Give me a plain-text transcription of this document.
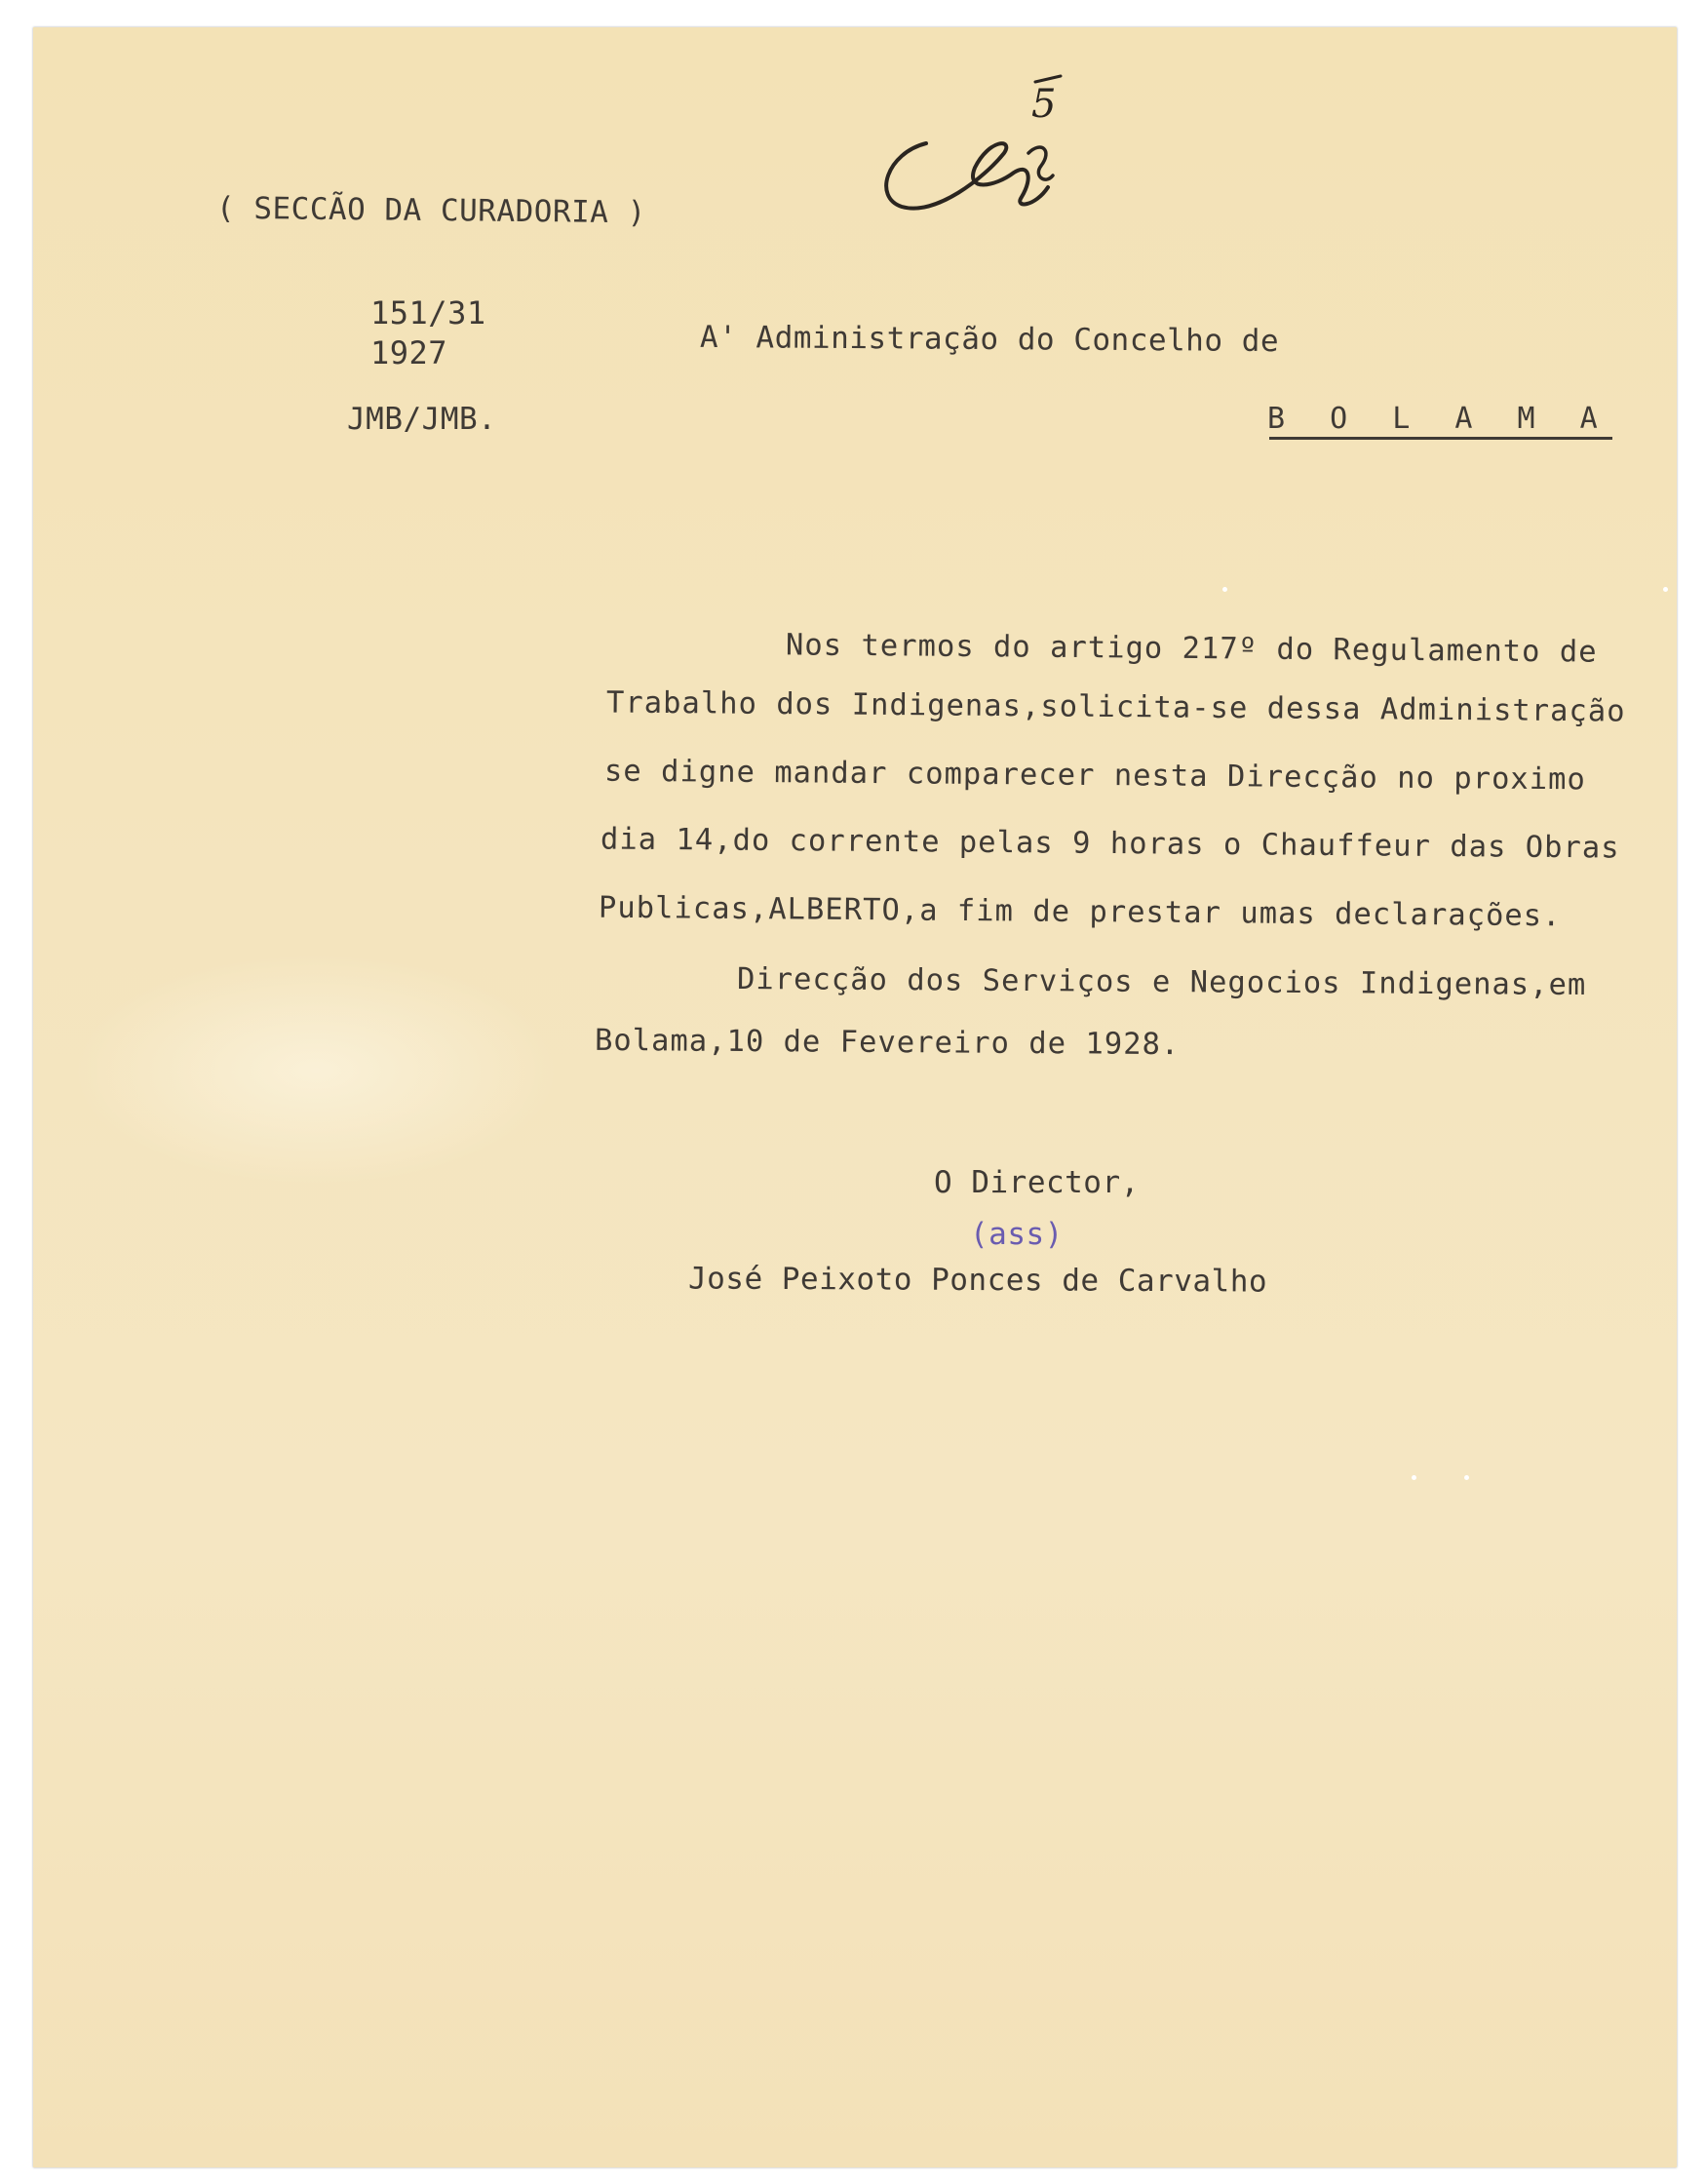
5
( SECCÃO DA CURADORIA )
151/31
1927
JMB/JMB.
A' Administração do Concelho de
B O L A M A
Nos termos do artigo 217º do Regulamento de
Trabalho dos Indigenas,solicita-se dessa Administração
se digne mandar comparecer nesta Direcção no proximo
dia 14,do corrente pelas 9 horas o Chauffeur das Obras
Publicas,ALBERTO,a fim de prestar umas declarações.
Direcção dos Serviços e Negocios Indigenas,em
Bolama,10 de Fevereiro de 1928.
O Director,
(ass)
José Peixoto Ponces de Carvalho
